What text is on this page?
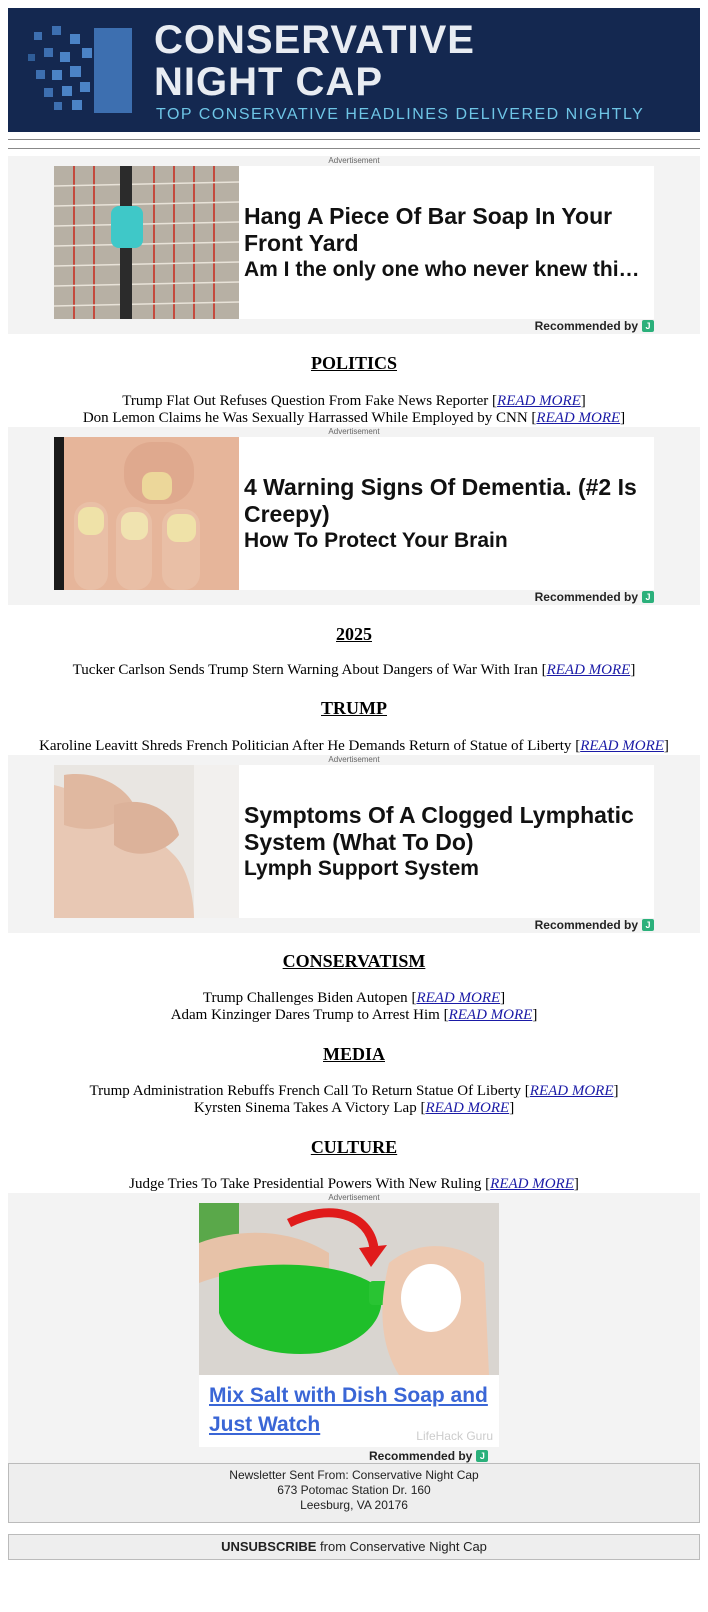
CONSERVATIVE
NIGHT CAP
TOP CONSERVATIVE HEADLINES DELIVERED NIGHTLY
Advertisement
Hang A Piece Of Bar Soap In Your Front Yard
Am I the only one who never knew thi…
Recommended by J
POLITICS
Trump Flat Out Refuses Question From Fake News Reporter [READ MORE]
Don Lemon Claims he Was Sexually Harrassed While Employed by CNN [READ MORE]
Advertisement
4 Warning Signs Of Dementia. (#2 Is Creepy)
How To Protect Your Brain
Recommended by J
2025
Tucker Carlson Sends Trump Stern Warning About Dangers of War With Iran [READ MORE]
TRUMP
Karoline Leavitt Shreds French Politician After He Demands Return of Statue of Liberty [READ MORE]
Advertisement
Symptoms Of A Clogged Lymphatic System (What To Do)
Lymph Support System
Recommended by J
CONSERVATISM
Trump Challenges Biden Autopen [READ MORE]
Adam Kinzinger Dares Trump to Arrest Him [READ MORE]
MEDIA
Trump Administration Rebuffs French Call To Return Statue Of Liberty [READ MORE]
Kyrsten Sinema Takes A Victory Lap [READ MORE]
CULTURE
Judge Tries To Take Presidential Powers With New Ruling [READ MORE]
Advertisement
Mix Salt with Dish Soap and Just Watch	LifeHack Guru
Recommended by J
Newsletter Sent From: Conservative Night Cap
673 Potomac Station Dr. 160
Leesburg, VA 20176
UNSUBSCRIBE from Conservative Night Cap
